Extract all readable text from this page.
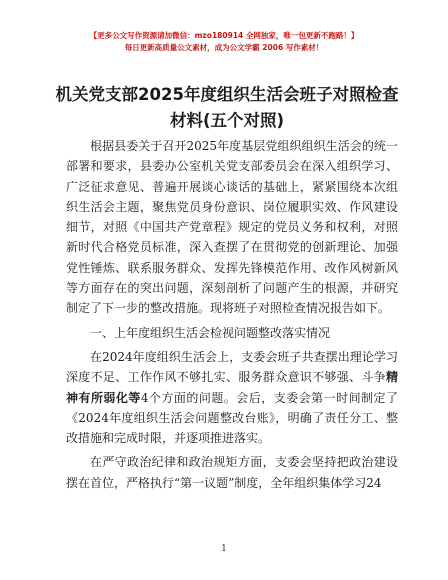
【更多公文写作资源请加微信：mzo180914 全网独家，唯一包更新不跑路！】
每日更新高质量公文素材，成为公文学霸 2006 写作素材！
机关党支部2025年度组织生活会班子对照检查材料(五个对照)

根据县委关于召开2025年度基层党组织组织生活会的统一部署和要求，县委办公室机关党支部委员会在深入组织学习、广泛征求意见、普遍开展谈心谈话的基础上，紧紧围绕本次组织生活会主题，聚焦党员身份意识、岗位履职实效、作风建设细节，对照《中国共产党章程》规定的党员义务和权利，对照新时代合格党员标准，深入查摆了在贯彻党的创新理论、加强党性锤炼、联系服务群众、发挥先锋模范作用、改作风树新风等方面存在的突出问题，深刻剖析了问题产生的根源，并研究制定了下一步的整改措施。现将班子对照检查情况报告如下。

一、上年度组织生活会检视问题整改落实情况

在2024年度组织生活会上，支委会班子共查摆出理论学习深度不足、工作作风不够扎实、服务群众意识不够强、斗争精神有所弱化等4个方面的问题。会后，支委会第一时间制定了《2024年度组织生活会问题整改台账》，明确了责任分工、整改措施和完成时限，并逐项推进落实。

在严守政治纪律和政治规矩方面，支委会坚持把政治建设摆在首位，严格执行“第一议题”制度，全年组织集体学习24

1
